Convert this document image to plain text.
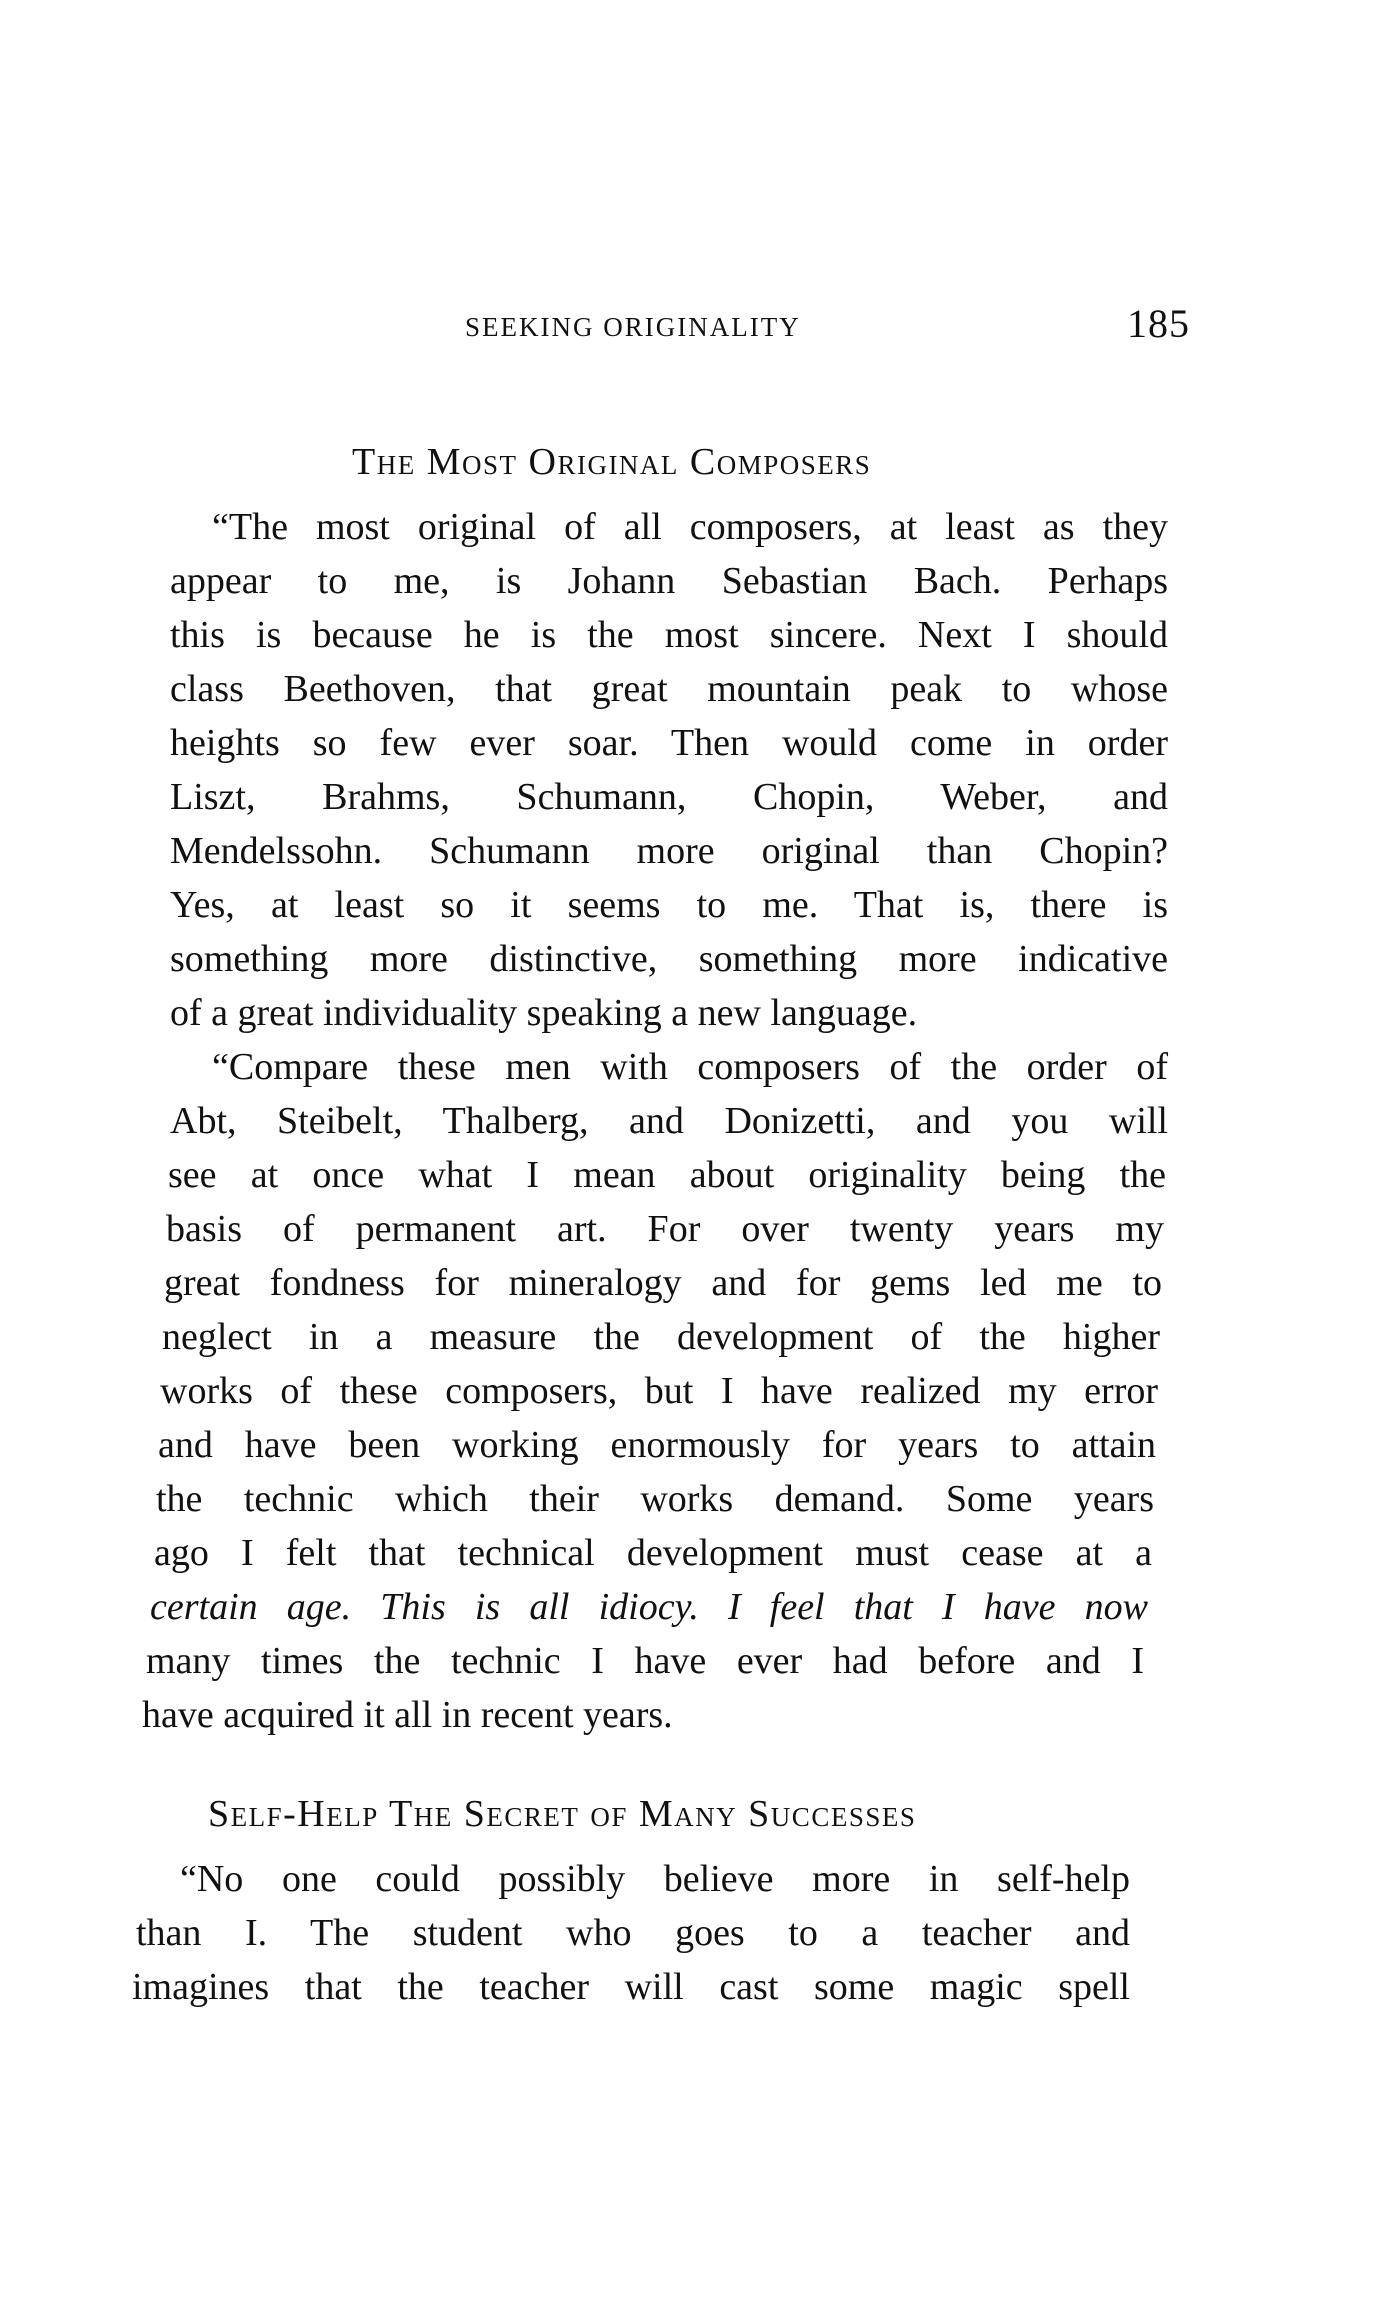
SEEKING ORIGINALITY	185
The Most Original Composers
“The most original of all composers, at least as they
appear to me, is Johann Sebastian Bach. Perhaps
this is because he is the most sincere. Next I should
class Beethoven, that great mountain peak to whose
heights so few ever soar. Then would come in order
Liszt, Brahms, Schumann, Chopin, Weber, and
Mendelssohn. Schumann more original than Chopin?
Yes, at least so it seems to me. That is, there is
something more distinctive, something more indicative
of a great individuality speaking a new language.
“Compare these men with composers of the order of
Abt, Steibelt, Thalberg, and Donizetti, and you will
see at once what I mean about originality being the
basis of permanent art. For over twenty years my
great fondness for mineralogy and for gems led me to
neglect in a measure the development of the higher
works of these composers, but I have realized my error
and have been working enormously for years to attain
the technic which their works demand. Some years
ago I felt that technical development must cease at a
certain age. This is all idiocy. I feel that I have now
many times the technic I have ever had before and I
have acquired it all in recent years.
Self-Help The Secret of Many Successes
“No one could possibly believe more in self-help
than I. The student who goes to a teacher and
imagines that the teacher will cast some magic spell
